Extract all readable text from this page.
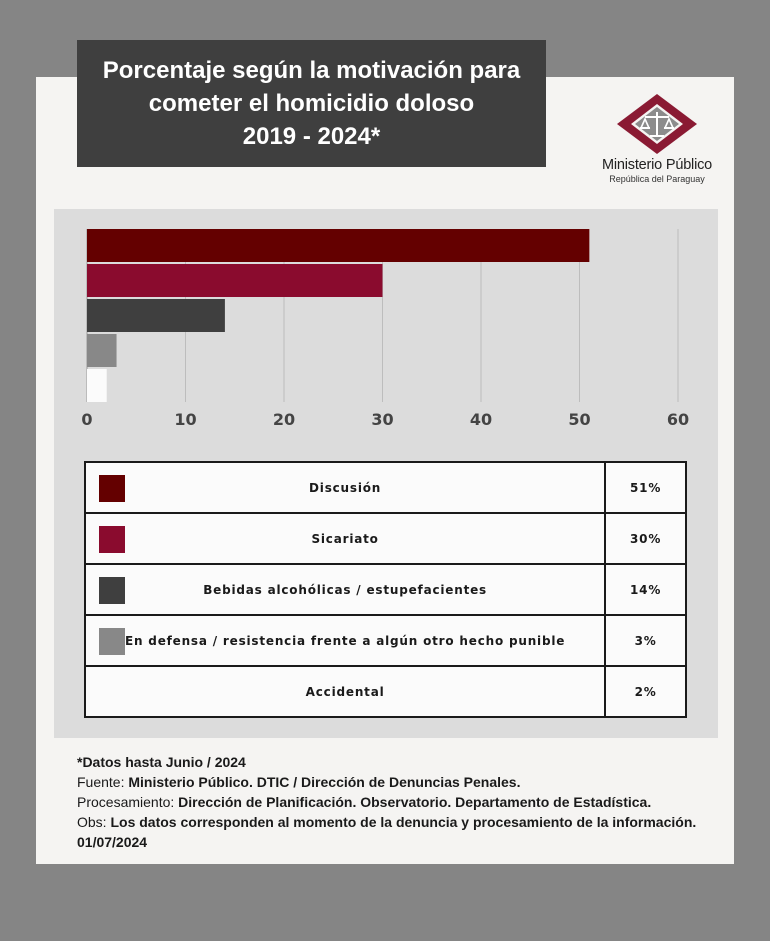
Porcentaje según la motivación para
cometer el homicidio doloso
2019 - 2024*
Ministerio Público
República del Paraguay
0	10	20	30	40	50	60
Discusión	51%

Sicariato	30%

Bebidas alcohólicas / estupefacientes	14%

En defensa / resistencia frente a algún otro hecho punible	3%

Accidental	2%
*Datos hasta Junio / 2024
Fuente: Ministerio Público. DTIC / Dirección de Denuncias Penales.
Procesamiento: Dirección de Planificación. Observatorio. Departamento de Estadística.
Obs: Los datos corresponden al momento de la denuncia y procesamiento de la información.
01/07/2024
